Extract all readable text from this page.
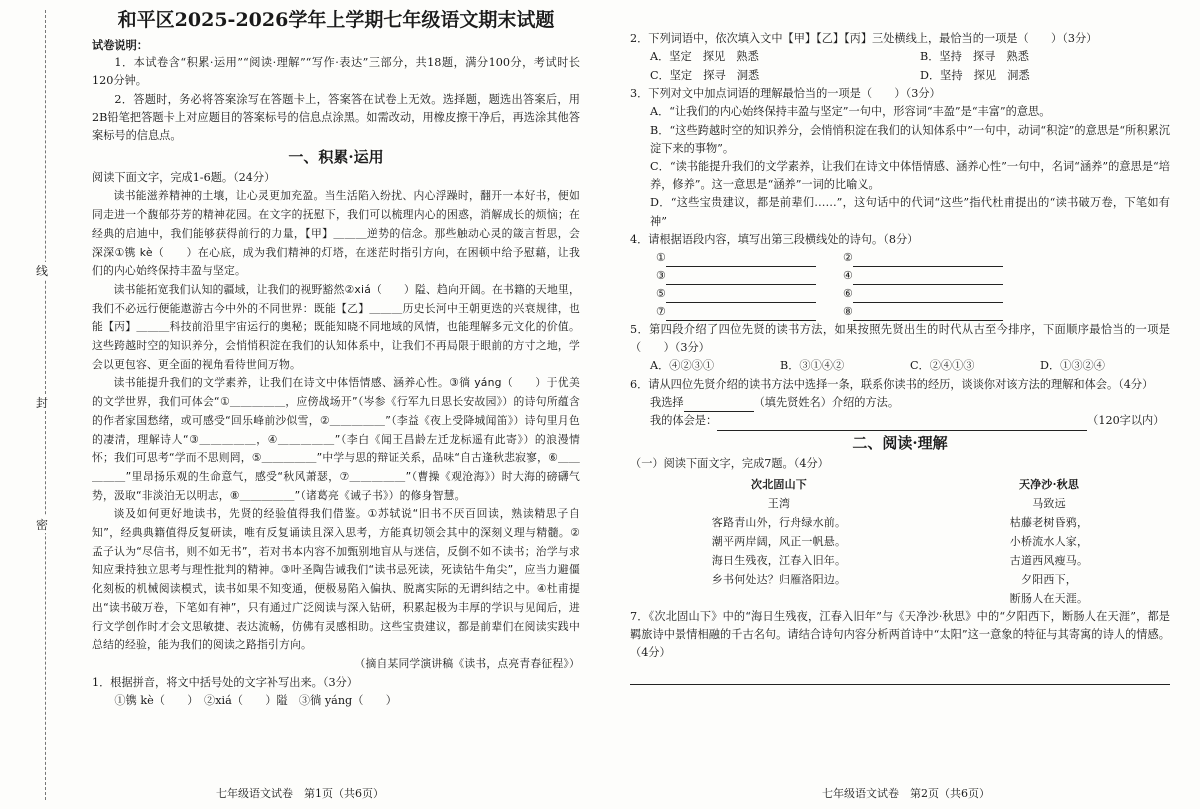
线
封
密
和平区2025-2026学年上学期七年级语文期末试题

试卷说明：

1．本试卷含“积累·运用”“阅读·理解”“写作·表达”三部分，共18题，满分100分，考试时长120分钟。

2．答题时，务必将答案涂写在答题卡上，答案答在试卷上无效。选择题，题选出答案后，用2B铅笔把答题卡上对应题目的答案标号的信息点涂黑。如需改动，用橡皮擦干净后，再选涂其他答案标号的信息点。

一、积累·运用

阅读下面文字，完成1-6题。（24分）

读书能滋养精神的土壤，让心灵更加充盈。当生活陷入纷扰、内心浮躁时，翻开一本好书，便如同走进一个馥郁芬芳的精神花园。在文字的抚慰下，我们可以梳理内心的困惑，消解成长的烦恼；在经典的启迪中，我们能够获得前行的力量，【甲】＿＿＿逆势的信念。那些触动心灵的箴言哲思，会深深①镌 kè（　　）在心底，成为我们精神的灯塔，在迷茫时指引方向，在困顿中给予慰藉，让我们的内心始终保持丰盈与坚定。

读书能拓宽我们认知的疆域，让我们的视野豁然②xiá（　　）隘、趋向开阔。在书籍的天地里，我们不必远行便能遨游古今中外的不同世界：既能【乙】＿＿＿历史长河中王朝更迭的兴衰规律，也能【丙】＿＿＿科技前沿里宇宙运行的奥秘；既能知晓不同地域的风情，也能理解多元文化的价值。这些跨越时空的知识养分，会悄悄积淀在我们的认知体系中，让我们不再局限于眼前的方寸之地，学会以更包容、更全面的视角看待世间万物。

读书能提升我们的文学素养，让我们在诗文中体悟情感、涵养心性。③徜 yáng（　　）于优美的文学世界，我们可体会“①＿＿＿＿＿，应傍战场开”（岑参《行军九日思长安故园》）的诗句所蕴含的作者家国愁绪，或可感受“回乐峰前沙似雪，②＿＿＿＿＿”（李益《夜上受降城闻笛》）诗句里月色的凄清，理解诗人“③＿＿＿＿＿，④＿＿＿＿＿”（李白《闻王昌龄左迁龙标遥有此寄》）的浪漫情怀；我们可思考“学而不思则罔，⑤＿＿＿＿＿”中学与思的辩证关系，品味“自古逢秋悲寂寥，⑥＿＿＿＿＿”里昂扬乐观的生命意气，感受“秋风萧瑟，⑦＿＿＿＿＿”（曹操《观沧海》）时大海的磅礴气势，汲取“非淡泊无以明志，⑧＿＿＿＿＿”（诸葛亮《诫子书》）的修身智慧。

谈及如何更好地读书，先贤的经验值得我们借鉴。①苏轼说“旧书不厌百回读，熟读精思子自知”，经典典籍值得反复研读，唯有反复诵读且深入思考，方能真切领会其中的深刻义理与精髓。②孟子认为“尽信书，则不如无书”，若对书本内容不加甄别地盲从与迷信，反倒不如不读书；治学与求知应秉持独立思考与理性批判的精神。③叶圣陶告诫我们“读书忌死读，死读钻牛角尖”，应当力避僵化刻板的机械阅读模式，读书如果不知变通，便极易陷入偏执、脱离实际的无谓纠结之中。④杜甫提出“读书破万卷，下笔如有神”，只有通过广泛阅读与深入钻研，积累起极为丰厚的学识与见闻后，进行文学创作时才会文思敏捷、表达流畅，仿佛有灵感相助。这些宝贵建议，都是前辈们在阅读实践中总结的经验，能为我们的阅读之路指引方向。

（摘自某同学演讲稿《读书，点亮青春征程》）

1．根据拼音，将文中括号处的文字补写出来。（3分）

①镌 kè（　　）　②xiá（　　）隘　③徜 yáng（　　）

七年级语文试卷　第1页（共6页）

2．下列词语中，依次填入文中【甲】【乙】【丙】三处横线上，最恰当的一项是（　　）（3分）

A．坚定　探见　熟悉	B．坚持　探寻　熟悉
C．坚定　探寻　洞悉	D．坚持　探见　洞悉

3．下列对文中加点词语的理解最恰当的一项是（　　）（3分）

A．“让我们的内心始终保持丰盈与坚定”一句中，形容词“丰盈”是“丰富”的意思。

B．“这些跨越时空的知识养分，会悄悄积淀在我们的认知体系中”一句中，动词“积淀”的意思是“所积累沉淀下来的事物”。

C．“读书能提升我们的文学素养，让我们在诗文中体悟情感、涵养心性”一句中，名词“涵养”的意思是“培养，修养”。这一意思是“涵养”一词的比喻义。

D．“这些宝贵建议，都是前辈们……”，这句话中的代词“这些”指代杜甫提出的“读书破万卷，下笔如有神”

4．请根据语段内容，填写出第三段横线处的诗句。（8分）

①	②
③	④
⑤	⑥
⑦	⑧

5．第四段介绍了四位先贤的读书方法，如果按照先贤出生的时代从古至今排序，下面顺序最恰当的一项是（　　）（3分）

A．④②③①	B．③①④②	C．②④①③	D．①③②④

6．请从四位先贤介绍的读书方法中选择一条，联系你读书的经历，谈谈你对该方法的理解和体会。（4分）

我选择	（填先贤姓名）介绍的方法。

我的体会是：	（120字以内）

二、阅读·理解

（一）阅读下面文字，完成7题。（4分）

次北固山下
王湾
客路青山外，行舟绿水前。
潮平两岸阔，风正一帆悬。
海日生残夜，江春入旧年。
乡书何处达？归雁洛阳边。
天净沙·秋思
马致远
枯藤老树昏鸦，
小桥流水人家，
古道西风瘦马。
夕阳西下，
断肠人在天涯。

7．《次北固山下》中的“海日生残夜，江春入旧年”与《天净沙·秋思》中的“夕阳西下，断肠人在天涯”，都是羁旅诗中景情相融的千古名句。请结合诗句内容分析两首诗中“太阳”这一意象的特征与其寄寓的诗人的情感。（4分）

七年级语文试卷　第2页（共6页）
